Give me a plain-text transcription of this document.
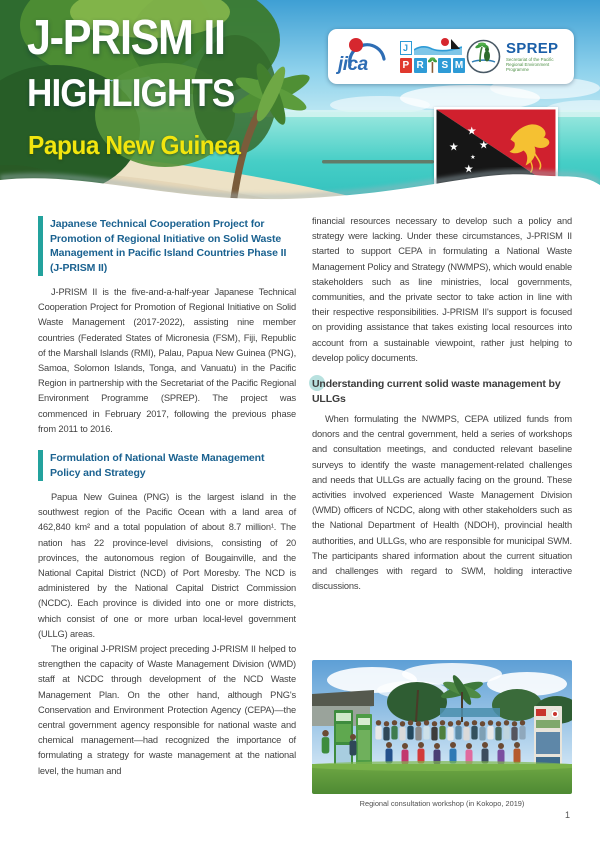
jica
J
P R	S M
SPREP
Secretariat of the Pacific Regional Environment Programme
J-PRISM II
HIGHLIGHTS
Papua New Guinea
Japanese Technical Cooperation Project for Promotion of Regional Initiative on Solid Waste Management in Pacific Island Countries Phase II (J-PRISM II)

J-PRISM II is the five-and-a-half-year Japanese Technical Cooperation Project for Promotion of Regional Initiative on Solid Waste Management (2017-2022), assisting nine member countries (Federated States of Micronesia (FSM), Fiji, Republic of the Marshall Islands (RMI), Palau, Papua New Guinea (PNG), Samoa, Solomon Islands, Tonga, and Vanuatu) in the Pacific Region in partnership with the Secretariat of the Pacific Regional Environment Programme (SPREP). The project was commenced in February 2017, following the previous phase from 2011 to 2016.

Formulation of National Waste Management Policy and Strategy

Papua New Guinea (PNG) is the largest island in the southwest region of the Pacific Ocean with a land area of 462,840 km² and a total population of about 8.7 million¹. The nation has 22 province-level divisions, consisting of 20 provinces, the autonomous region of Bougainville, and the National Capital District (NCD) of Port Moresby. The NCD is administered by the National Capital District Commission (NCDC). Each province is divided into one or more districts, which consist of one or more urban local-level government (ULLG) areas.

The original J-PRISM project preceding J-PRISM II helped to strengthen the capacity of Waste Management Division (WMD) staff at NCDC through development of the NCD Waste Management Plan. On the other hand, although PNG's Conservation and Environment Protection Agency (CEPA)—the central government agency responsible for national waste and chemical management—had recognized the importance of formulating a strategy for waste management at the national level, the human and

financial resources necessary to develop such a policy and strategy were lacking. Under these circumstances, J-PRISM II started to support CEPA in formulating a National Waste Management Policy and Strategy (NWMPS), which would enable stakeholders such as line ministries, local governments, communities, and the private sector to take action in line with their respective responsibilities. J-PRISM II's support is focused on providing assistance that takes existing local resources into account from a sustainable viewpoint, rather just helping to develop policy documents.

Understanding current solid waste management by ULLGs

When formulating the NWMPS, CEPA utilized funds from donors and the central government, held a series of workshops and consultation meetings, and conducted relevant baseline surveys to identify the waste management-related challenges and needs that ULLGs are actually facing on the ground. These activities involved experienced Waste Management Division (WMD) officers of NCDC, along with other stakeholders such as the National Department of Health (NDOH), provincial health authorities, and ULLGs, who are responsible for municipal SWM. The participants shared information about the current situation and challenges with regard to SWM, holding interactive discussions.

Regional consultation workshop (in Kokopo, 2019)
1
